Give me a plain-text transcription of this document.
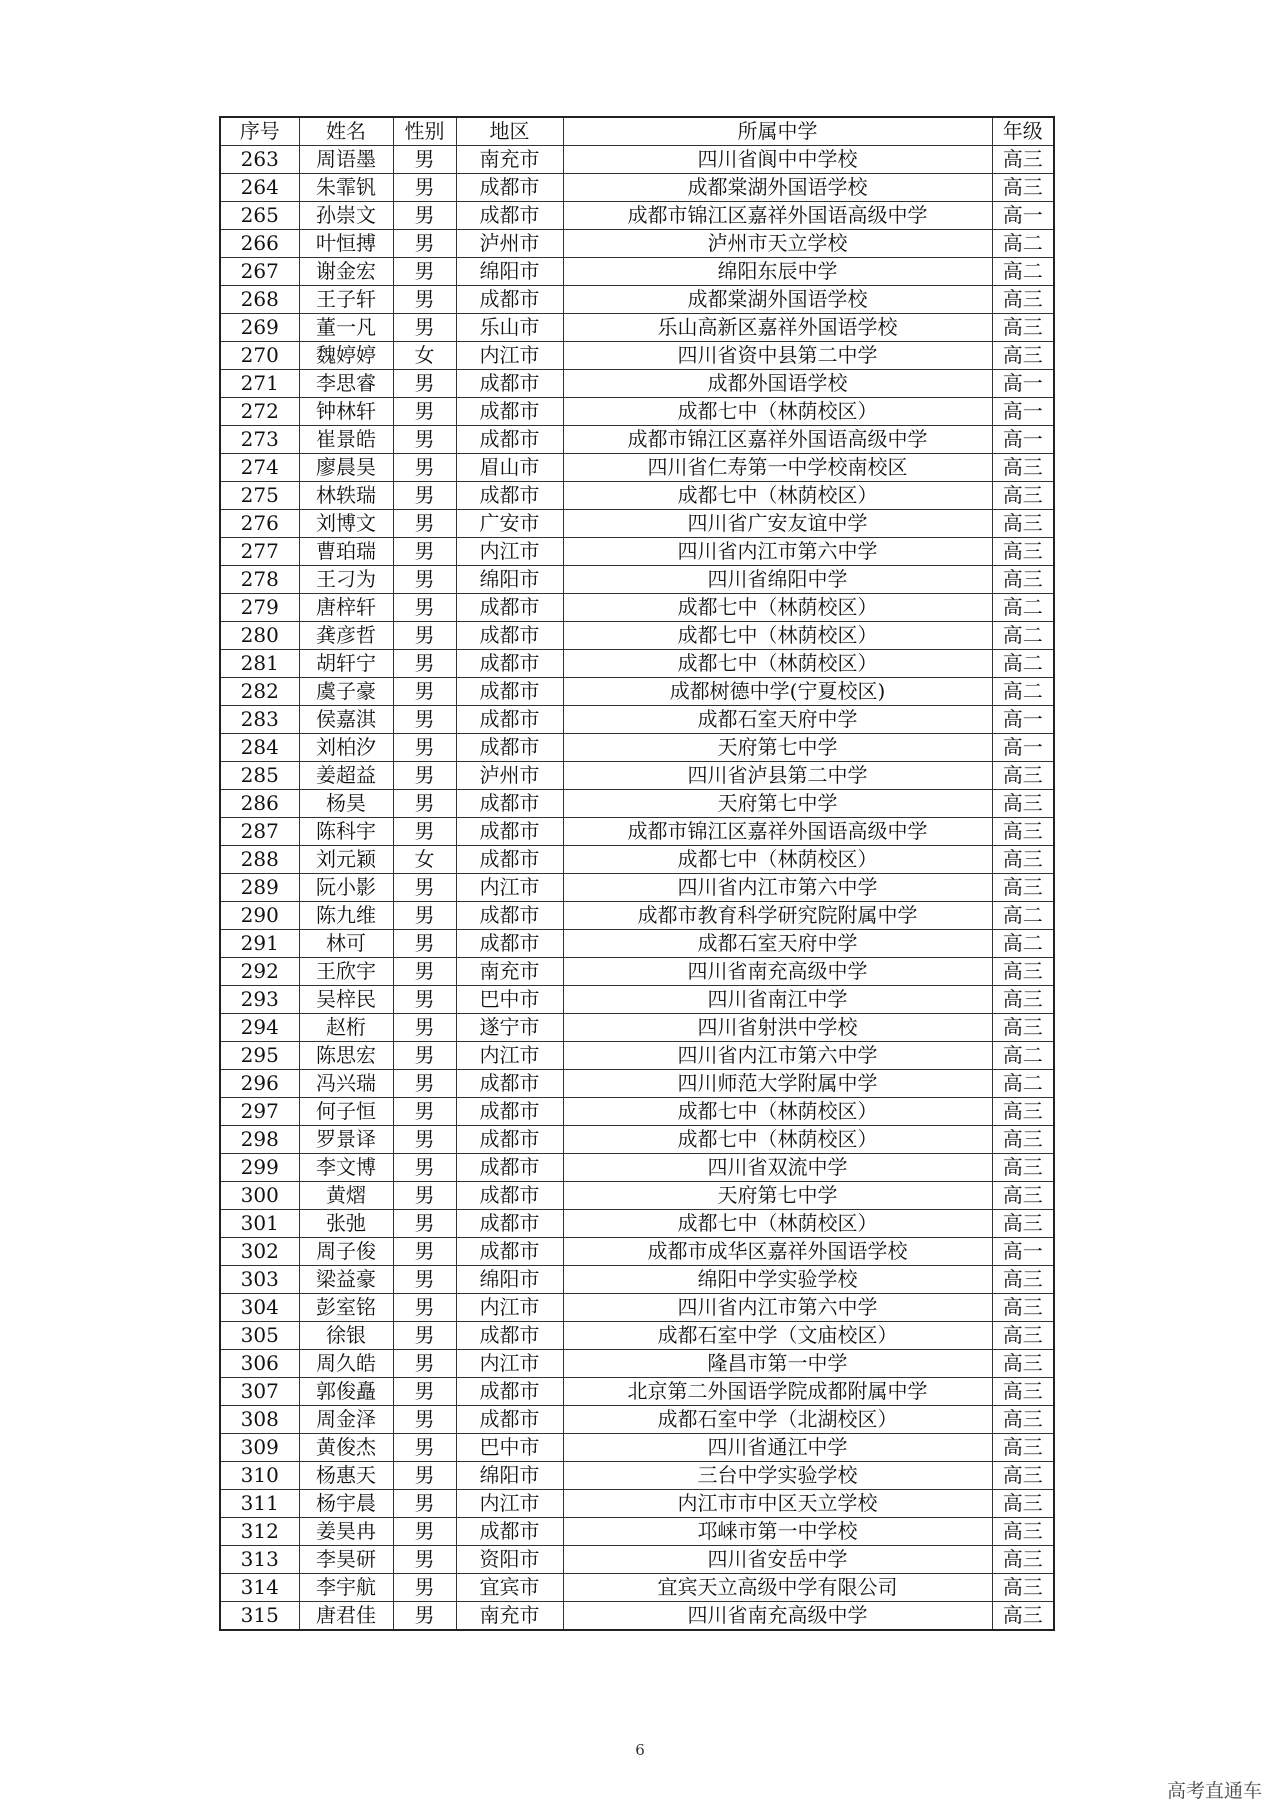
序号	姓名	性别	地区	所属中学	年级
263	周语墨	男	南充市	四川省阆中中学校	高三
264	朱霏钒	男	成都市	成都棠湖外国语学校	高三
265	孙崇文	男	成都市	成都市锦江区嘉祥外国语高级中学	高一
266	叶恒搏	男	泸州市	泸州市天立学校	高二
267	谢金宏	男	绵阳市	绵阳东辰中学	高二
268	王子轩	男	成都市	成都棠湖外国语学校	高三
269	董一凡	男	乐山市	乐山高新区嘉祥外国语学校	高三
270	魏婷婷	女	内江市	四川省资中县第二中学	高三
271	李思睿	男	成都市	成都外国语学校	高一
272	钟林轩	男	成都市	成都七中（林荫校区）	高一
273	崔景皓	男	成都市	成都市锦江区嘉祥外国语高级中学	高一
274	廖晨昊	男	眉山市	四川省仁寿第一中学校南校区	高三
275	林轶瑞	男	成都市	成都七中（林荫校区）	高三
276	刘博文	男	广安市	四川省广安友谊中学	高三
277	曹珀瑞	男	内江市	四川省内江市第六中学	高三
278	王刁为	男	绵阳市	四川省绵阳中学	高三
279	唐梓轩	男	成都市	成都七中（林荫校区）	高二
280	龚彦哲	男	成都市	成都七中（林荫校区）	高二
281	胡轩宁	男	成都市	成都七中（林荫校区）	高二
282	虞子豪	男	成都市	成都树德中学(宁夏校区)	高二
283	侯嘉淇	男	成都市	成都石室天府中学	高一
284	刘柏汐	男	成都市	天府第七中学	高一
285	姜超益	男	泸州市	四川省泸县第二中学	高三
286	杨昊	男	成都市	天府第七中学	高三
287	陈科宇	男	成都市	成都市锦江区嘉祥外国语高级中学	高三
288	刘元颖	女	成都市	成都七中（林荫校区）	高三
289	阮小影	男	内江市	四川省内江市第六中学	高三
290	陈九维	男	成都市	成都市教育科学研究院附属中学	高二
291	林可	男	成都市	成都石室天府中学	高二
292	王欣宇	男	南充市	四川省南充高级中学	高三
293	吴梓民	男	巴中市	四川省南江中学	高三
294	赵桁	男	遂宁市	四川省射洪中学校	高三
295	陈思宏	男	内江市	四川省内江市第六中学	高二
296	冯兴瑞	男	成都市	四川师范大学附属中学	高二
297	何子恒	男	成都市	成都七中（林荫校区）	高三
298	罗景译	男	成都市	成都七中（林荫校区）	高三
299	李文博	男	成都市	四川省双流中学	高三
300	黄熠	男	成都市	天府第七中学	高三
301	张弛	男	成都市	成都七中（林荫校区）	高三
302	周子俊	男	成都市	成都市成华区嘉祥外国语学校	高一
303	梁益豪	男	绵阳市	绵阳中学实验学校	高三
304	彭室铭	男	内江市	四川省内江市第六中学	高三
305	徐银	男	成都市	成都石室中学（文庙校区）	高三
306	周久皓	男	内江市	隆昌市第一中学	高三
307	郭俊矗	男	成都市	北京第二外国语学院成都附属中学	高三
308	周金泽	男	成都市	成都石室中学（北湖校区）	高三
309	黄俊杰	男	巴中市	四川省通江中学	高三
310	杨惠天	男	绵阳市	三台中学实验学校	高三
311	杨宇晨	男	内江市	内江市市中区天立学校	高三
312	姜昊冉	男	成都市	邛崃市第一中学校	高三
313	李昊研	男	资阳市	四川省安岳中学	高三
314	李宇航	男	宜宾市	宜宾天立高级中学有限公司	高三
315	唐君佳	男	南充市	四川省南充高级中学	高三
6
高考直通车
